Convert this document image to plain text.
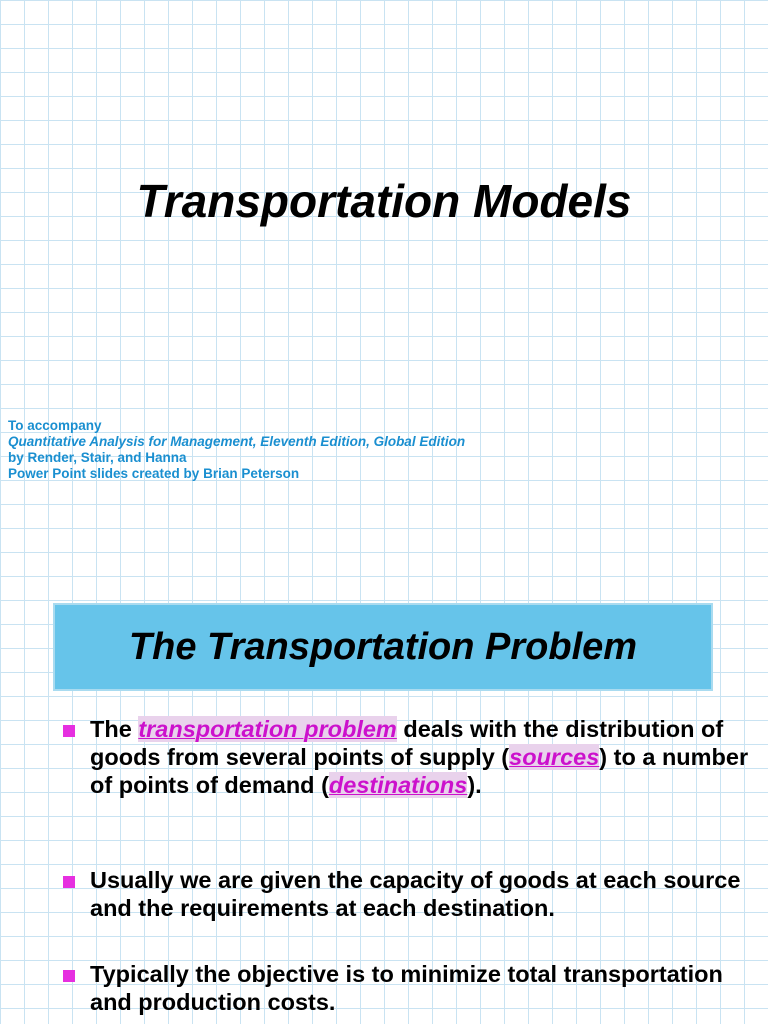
Transportation Models
To accompany
Quantitative Analysis for Management, Eleventh Edition, Global Edition
by Render, Stair, and Hanna
Power Point slides created by Brian Peterson
The Transportation Problem
The transportation problem deals with the distribution of goods from several points of supply (sources) to a number of points of demand (destinations).
Usually we are given the capacity of goods at each source and the requirements at each destination.
Typically the objective is to minimize total transportation and production costs.
